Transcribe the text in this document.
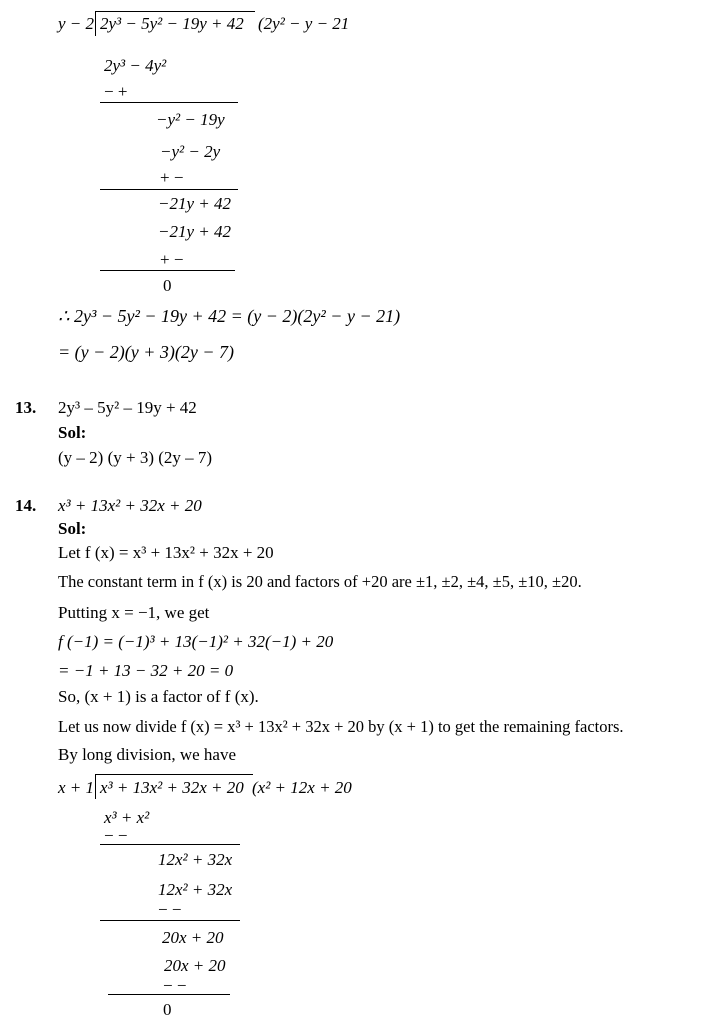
y − 2 2y³ − 5y² − 19y + 42 (2y² − y − 21
2y³ − 4y²
− +
−y² − 19y
−y² − 2y
+ −
−21y + 42
−21y + 42
+ −
0
∴ 2y³ − 5y² − 19y + 42 = (y − 2)(2y² − y − 21)
= (y − 2)(y + 3)(2y − 7)
13. 2y³ – 5y² – 19y + 42
Sol:
(y – 2) (y + 3) (2y – 7)
14. x³ + 13x² + 32x + 20
Sol:
Let f (x) = x³ + 13x² + 32x + 20
The constant term in f (x) is 20 and factors of +20 are ±1, ±2, ±4, ±5, ±10, ±20.
Putting x = −1, we get
f (−1) = (−1)³ + 13(−1)² + 32(−1) + 20
= −1 + 13 − 32 + 20 = 0
So, (x + 1) is a factor of f (x).
Let us now divide f (x) = x³ + 13x² + 32x + 20 by (x + 1) to get the remaining factors.
By long division, we have
x + 1 x³ + 13x² + 32x + 20 (x² + 12x + 20
x³ + x²
− −
12x² + 32x
12x² + 32x
− −
20x + 20
20x + 20
− −
0
